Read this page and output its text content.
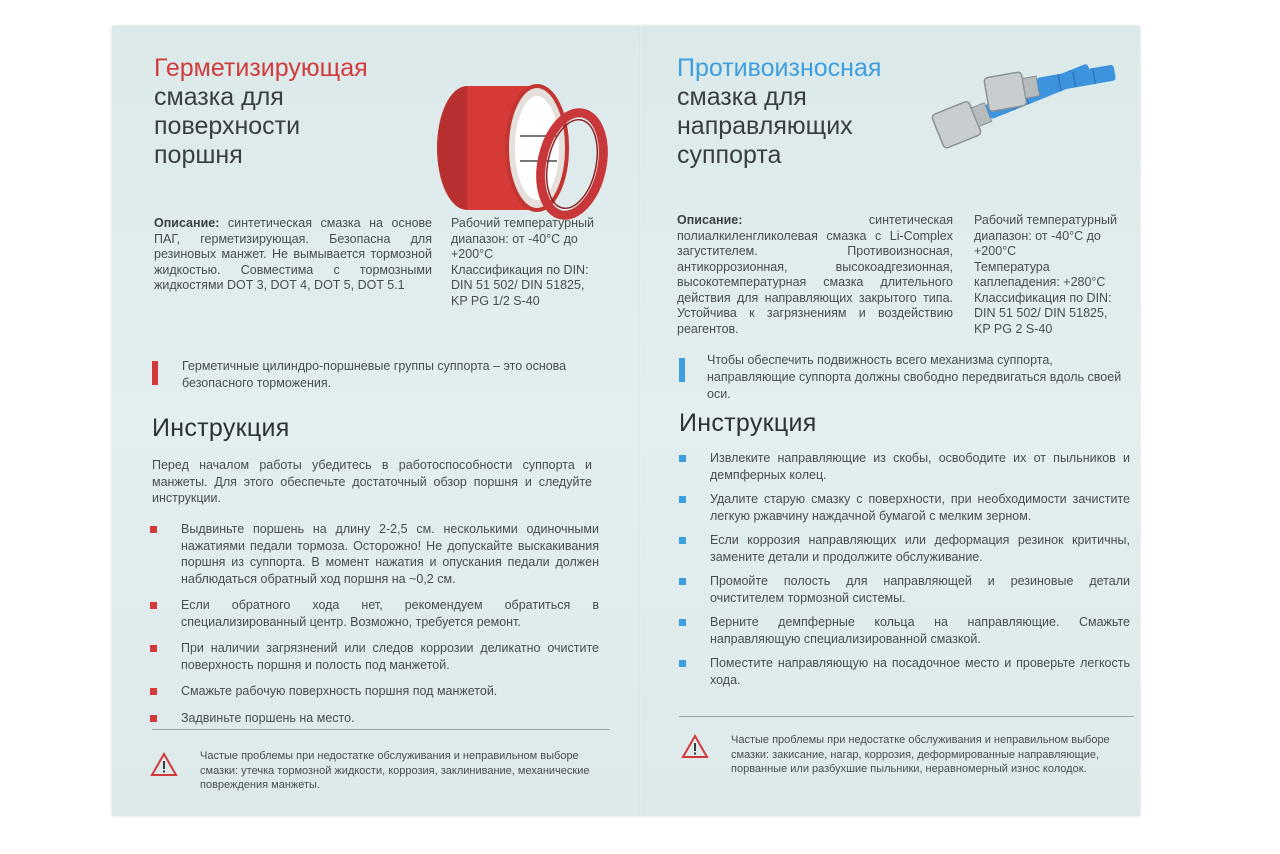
Герметизирующая
смазка для
поверхности
поршня
Описание: синтетическая смазка на основе ПАГ, герметизирующая. Безопасна для резиновых манжет. Не вымывается тормозной жидкостью. Совместима с тормозными жидкостями DOT 3, DOT 4, DOT 5, DOT 5.1
Рабочий температурный
диапазон: от -40°С до
+200°С
Классификация по DIN:
DIN 51 502/ DIN 51825,
KP PG 1/2 S-40
Герметичные цилиндро-поршневые группы суппорта – это основа безопасного торможения.
Инструкция
Перед началом работы убедитесь в работоспособности суппорта и манжеты. Для этого обеспечьте достаточный обзор поршня и следуйте инструкции.
Выдвиньте поршень на длину 2-2,5 см. несколькими одиночными нажатиями педали тормоза. Осторожно! Не допускайте выскакивания поршня из суппорта. В момент нажатия и опускания педали должен наблюдаться обратный ход поршня на ~0,2 см.
Если обратного хода нет, рекомендуем обратиться в специализированный центр. Возможно, требуется ремонт.
При наличии загрязнений или следов коррозии деликатно очистите поверхность поршня и полость под манжетой.
Смажьте рабочую поверхность поршня под манжетой.
Задвиньте поршень на место.
Частые проблемы при недостатке обслуживания и неправильном выборе смазки: утечка тормозной жидкости, коррозия, заклинивание, механические повреждения манжеты.
Противоизносная
смазка для
направляющих
суппорта
Описание: синтетическая полиалкиленгликолевая смазка с Li-Complex загустителем. Противоизносная, антикоррозионная, высокоадгезионная, высокотемпературная смазка длительного действия для направляющих закрытого типа. Устойчива к загрязнениям и воздействию реагентов.
Рабочий температурный
диапазон: от -40°С до
+200°С
Температура
каплепадения: +280°С
Классификация по DIN:
DIN 51 502/ DIN 51825,
KP PG 2 S-40
Чтобы обеспечить подвижность всего механизма суппорта, направляющие суппорта должны свободно передвигаться вдоль своей оси.
Инструкция
Извлеките направляющие из скобы, освободите их от пыльников и демпферных колец.
Удалите старую смазку с поверхности, при необходимости зачистите легкую ржавчину наждачной бумагой с мелким зерном.
Если коррозия направляющих или деформация резинок критичны, замените детали и продолжите обслуживание.
Промойте полость для направляющей и резиновые детали очистителем тормозной системы.
Верните демпферные кольца на направляющие. Смажьте направляющую специализированной смазкой.
Поместите направляющую на посадочное место и проверьте легкость хода.
Частые проблемы при недостатке обслуживания и неправильном выборе смазки: закисание, нагар, коррозия, деформированные направляющие, порванные или разбухшие пыльники, неравномерный износ колодок.
